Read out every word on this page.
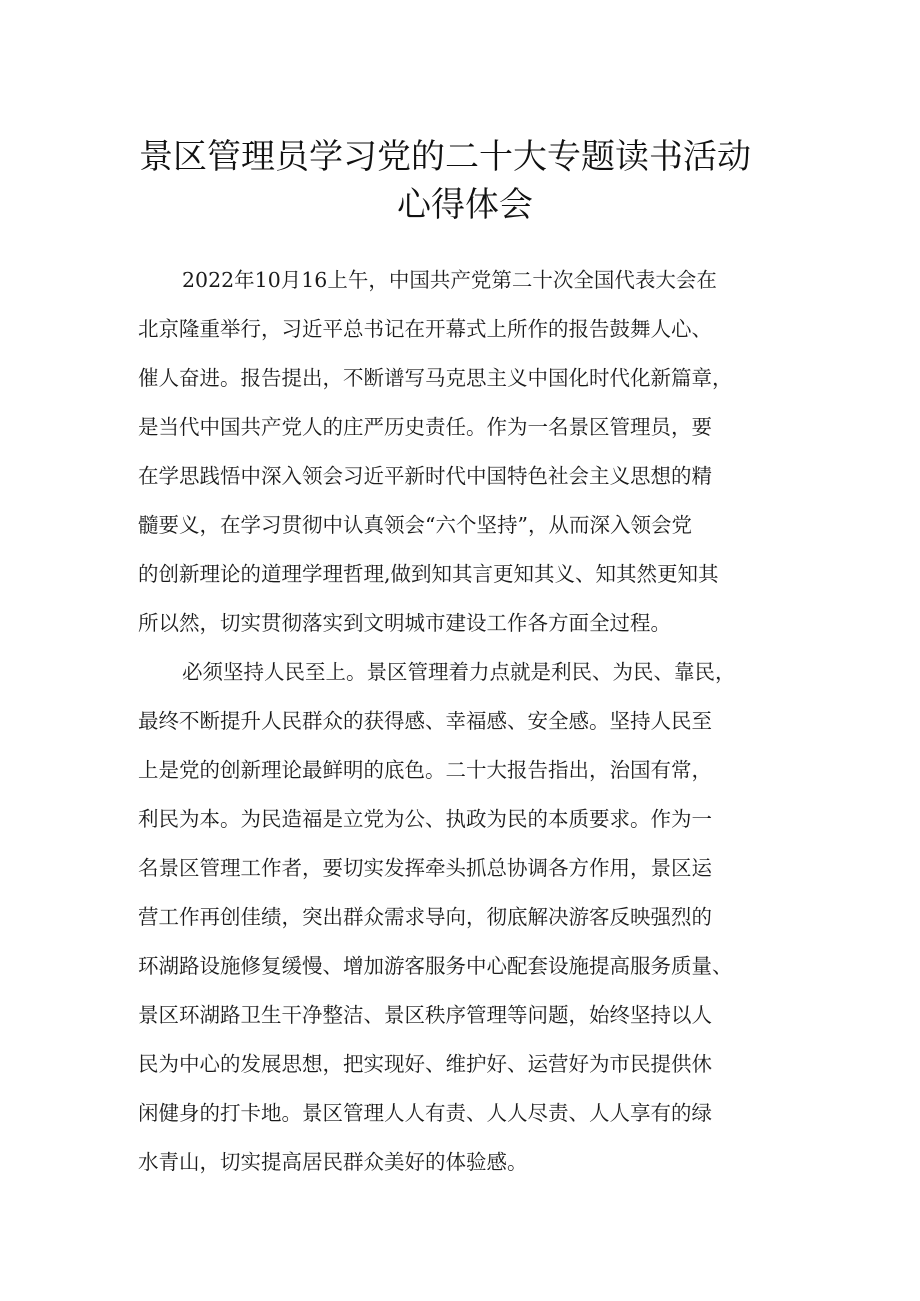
景区管理员学习党的二十大专题读书活动
心得体会
2022年10月16上午，中国共产党第二十次全国代表大会在
北京隆重举行，习近平总书记在开幕式上所作的报告鼓舞人心、
催人奋进。报告提出，不断谱写马克思主义中国化时代化新篇章，
是当代中国共产党人的庄严历史责任。作为一名景区管理员，要
在学思践悟中深入领会习近平新时代中国特色社会主义思想的精
髓要义，在学习贯彻中认真领会“六个坚持”，从而深入领会党
的创新理论的道理学理哲理,做到知其言更知其义、知其然更知其
所以然，切实贯彻落实到文明城市建设工作各方面全过程。
必须坚持人民至上。景区管理着力点就是利民、为民、靠民，
最终不断提升人民群众的获得感、幸福感、安全感。坚持人民至
上是党的创新理论最鲜明的底色。二十大报告指出，治国有常，
利民为本。为民造福是立党为公、执政为民的本质要求。作为一
名景区管理工作者，要切实发挥牵头抓总协调各方作用，景区运
营工作再创佳绩，突出群众需求导向，彻底解决游客反映强烈的
环湖路设施修复缓慢、增加游客服务中心配套设施提高服务质量、
景区环湖路卫生干净整洁、景区秩序管理等问题，始终坚持以人
民为中心的发展思想，把实现好、维护好、运营好为市民提供休
闲健身的打卡地。景区管理人人有责、人人尽责、人人享有的绿
水青山，切实提高居民群众美好的体验感。
